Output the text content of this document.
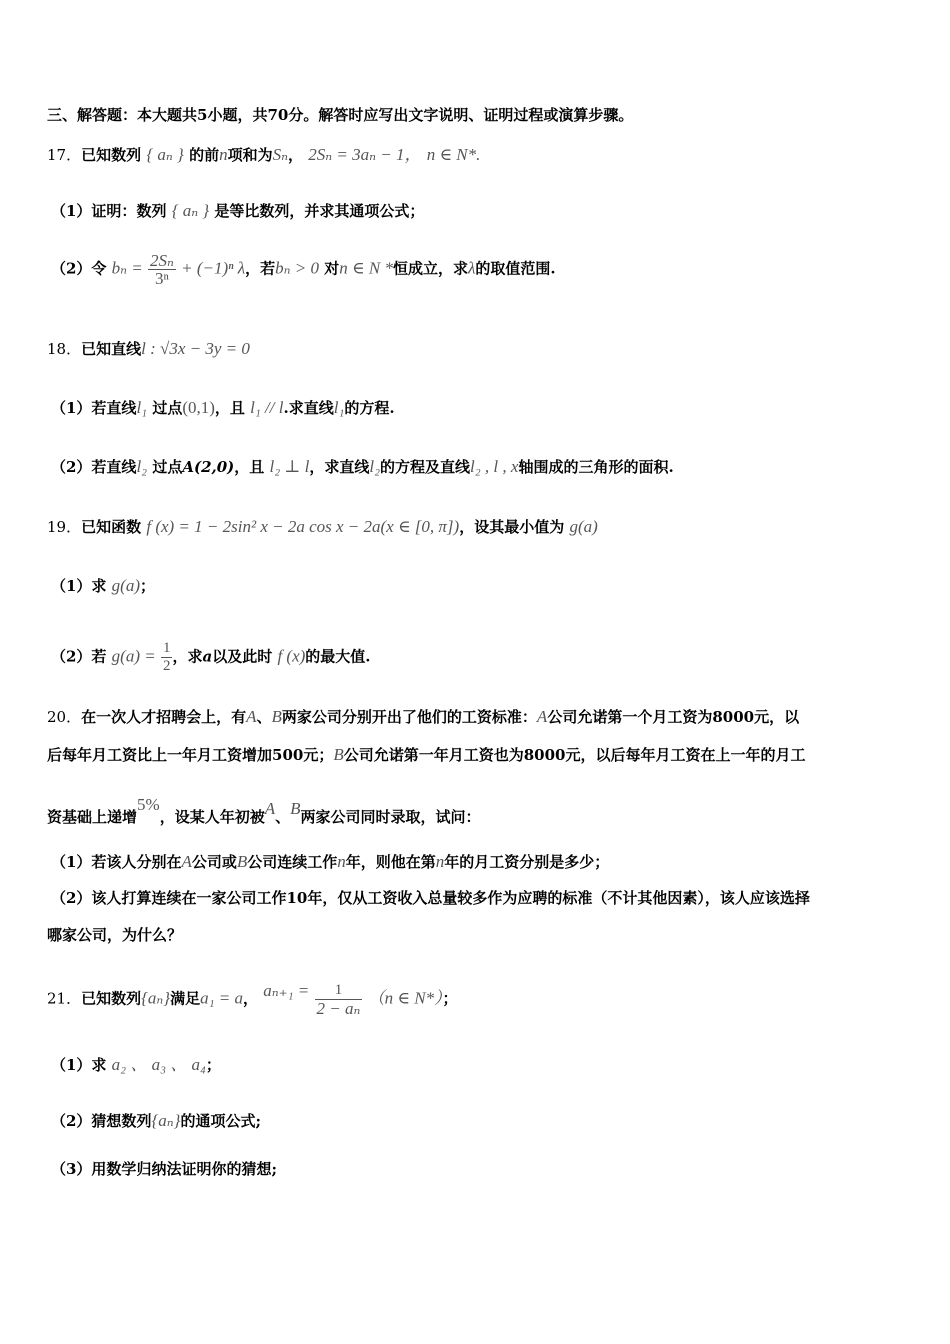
三、解答题：本大题共5小题，共70分。解答时应写出文字说明、证明过程或演算步骤。
17．已知数列 { aₙ } 的前n项和为Sₙ， 2Sₙ = 3aₙ − 1， n ∈ N*.
（1）证明：数列 { aₙ } 是等比数列，并求其通项公式；
（2）令 $b_n = \frac{\text{2Sₙ}}{\text{3ⁿ}} + (-1)^n$ λ，若bₙ > 0 对n ∈ N *恒成立，求λ的取值范围.
18．已知直线l : √3x − 3y = 0
（1）若直线l₁ 过点(0,1)，且 l₁ // l.求直线l₁的方程.
（2）若直线l₂ 过点A(2,0)，且 l₂ ⊥ l，求直线l₂的方程及直线l₂ , l , x轴围成的三角形的面积.
19．已知函数 f (x) = 1 − 2sin² x − 2a cos x − 2a(x ∈ [0, π])，设其最小值为 g(a)
（1）求 g(a)；
（2）若 $g(a) = \frac{1}{2}$ ，求a以及此时 f (x)的最大值.
20．在一次人才招聘会上，有A、B两家公司分别开出了他们的工资标准：A公司允诺第一个月工资为8000元，以
后每年月工资比上一年月工资增加500元；B公司允诺第一年月工资也为8000元，以后每年月工资在上一年的月工
资基础上递增5%，设某人年初被A、B两家公司同时录取，试问：
（1）若该人分别在A公司或B公司连续工作n年，则他在第n年的月工资分别是多少；
（2）该人打算连续在一家公司工作10年，仅从工资收入总量较多作为应聘的标准（不计其他因素），该人应该选择
哪家公司，为什么？
21．已知数列{aₙ}满足a₁ = a， $a_{n+1} = \frac{1}{\text{2 − aₙ}} (n$ ∈ N*）；
（1）求 a₂ 、 a₃ 、 a₄；
（2）猜想数列{aₙ}的通项公式;
（3）用数学归纳法证明你的猜想;
